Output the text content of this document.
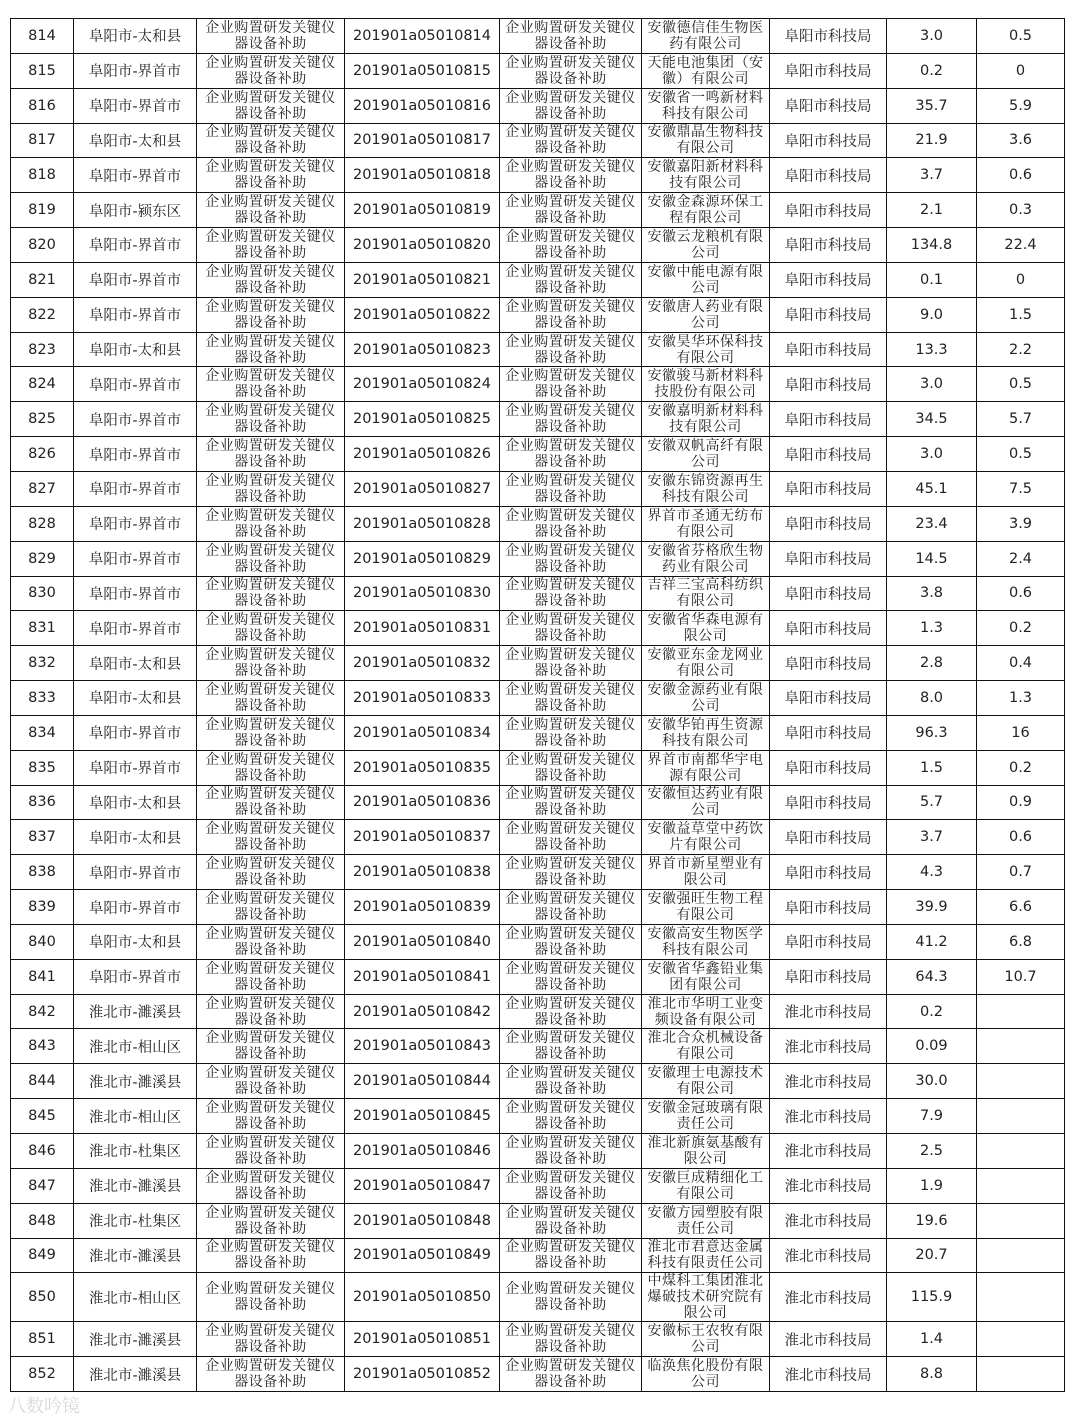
814	阜阳市-太和县	企业购置研发关键仪器设备补助	201901a05010814	企业购置研发关键仪器设备补助	安徽德信佳生物医药有限公司	阜阳市科技局	3.0	0.5
815	阜阳市-界首市	企业购置研发关键仪器设备补助	201901a05010815	企业购置研发关键仪器设备补助	天能电池集团（安徽）有限公司	阜阳市科技局	0.2	0
816	阜阳市-界首市	企业购置研发关键仪器设备补助	201901a05010816	企业购置研发关键仪器设备补助	安徽省一鸣新材料科技有限公司	阜阳市科技局	35.7	5.9
817	阜阳市-太和县	企业购置研发关键仪器设备补助	201901a05010817	企业购置研发关键仪器设备补助	安徽鼎晶生物科技有限公司	阜阳市科技局	21.9	3.6
818	阜阳市-界首市	企业购置研发关键仪器设备补助	201901a05010818	企业购置研发关键仪器设备补助	安徽嘉阳新材料科技有限公司	阜阳市科技局	3.7	0.6
819	阜阳市-颍东区	企业购置研发关键仪器设备补助	201901a05010819	企业购置研发关键仪器设备补助	安徽金森源环保工程有限公司	阜阳市科技局	2.1	0.3
820	阜阳市-界首市	企业购置研发关键仪器设备补助	201901a05010820	企业购置研发关键仪器设备补助	安徽云龙粮机有限公司	阜阳市科技局	134.8	22.4
821	阜阳市-界首市	企业购置研发关键仪器设备补助	201901a05010821	企业购置研发关键仪器设备补助	安徽中能电源有限公司	阜阳市科技局	0.1	0
822	阜阳市-界首市	企业购置研发关键仪器设备补助	201901a05010822	企业购置研发关键仪器设备补助	安徽唐人药业有限公司	阜阳市科技局	9.0	1.5
823	阜阳市-太和县	企业购置研发关键仪器设备补助	201901a05010823	企业购置研发关键仪器设备补助	安徽昊华环保科技有限公司	阜阳市科技局	13.3	2.2
824	阜阳市-界首市	企业购置研发关键仪器设备补助	201901a05010824	企业购置研发关键仪器设备补助	安徽骏马新材料科技股份有限公司	阜阳市科技局	3.0	0.5
825	阜阳市-界首市	企业购置研发关键仪器设备补助	201901a05010825	企业购置研发关键仪器设备补助	安徽嘉明新材料科技有限公司	阜阳市科技局	34.5	5.7
826	阜阳市-界首市	企业购置研发关键仪器设备补助	201901a05010826	企业购置研发关键仪器设备补助	安徽双帆高纤有限公司	阜阳市科技局	3.0	0.5
827	阜阳市-界首市	企业购置研发关键仪器设备补助	201901a05010827	企业购置研发关键仪器设备补助	安徽东锦资源再生科技有限公司	阜阳市科技局	45.1	7.5
828	阜阳市-界首市	企业购置研发关键仪器设备补助	201901a05010828	企业购置研发关键仪器设备补助	界首市圣通无纺布有限公司	阜阳市科技局	23.4	3.9
829	阜阳市-界首市	企业购置研发关键仪器设备补助	201901a05010829	企业购置研发关键仪器设备补助	安徽省芬格欣生物药业有限公司	阜阳市科技局	14.5	2.4
830	阜阳市-界首市	企业购置研发关键仪器设备补助	201901a05010830	企业购置研发关键仪器设备补助	吉祥三宝高科纺织有限公司	阜阳市科技局	3.8	0.6
831	阜阳市-界首市	企业购置研发关键仪器设备补助	201901a05010831	企业购置研发关键仪器设备补助	安徽省华森电源有限公司	阜阳市科技局	1.3	0.2
832	阜阳市-太和县	企业购置研发关键仪器设备补助	201901a05010832	企业购置研发关键仪器设备补助	安徽亚东金龙网业有限公司	阜阳市科技局	2.8	0.4
833	阜阳市-太和县	企业购置研发关键仪器设备补助	201901a05010833	企业购置研发关键仪器设备补助	安徽金源药业有限公司	阜阳市科技局	8.0	1.3
834	阜阳市-界首市	企业购置研发关键仪器设备补助	201901a05010834	企业购置研发关键仪器设备补助	安徽华铂再生资源科技有限公司	阜阳市科技局	96.3	16
835	阜阳市-界首市	企业购置研发关键仪器设备补助	201901a05010835	企业购置研发关键仪器设备补助	界首市南都华宇电源有限公司	阜阳市科技局	1.5	0.2
836	阜阳市-太和县	企业购置研发关键仪器设备补助	201901a05010836	企业购置研发关键仪器设备补助	安徽恒达药业有限公司	阜阳市科技局	5.7	0.9
837	阜阳市-太和县	企业购置研发关键仪器设备补助	201901a05010837	企业购置研发关键仪器设备补助	安徽益草堂中药饮片有限公司	阜阳市科技局	3.7	0.6
838	阜阳市-界首市	企业购置研发关键仪器设备补助	201901a05010838	企业购置研发关键仪器设备补助	界首市新星塑业有限公司	阜阳市科技局	4.3	0.7
839	阜阳市-界首市	企业购置研发关键仪器设备补助	201901a05010839	企业购置研发关键仪器设备补助	安徽强旺生物工程有限公司	阜阳市科技局	39.9	6.6
840	阜阳市-太和县	企业购置研发关键仪器设备补助	201901a05010840	企业购置研发关键仪器设备补助	安徽高安生物医学科技有限公司	阜阳市科技局	41.2	6.8
841	阜阳市-界首市	企业购置研发关键仪器设备补助	201901a05010841	企业购置研发关键仪器设备补助	安徽省华鑫铅业集团有限公司	阜阳市科技局	64.3	10.7
842	淮北市-濉溪县	企业购置研发关键仪器设备补助	201901a05010842	企业购置研发关键仪器设备补助	淮北市华明工业变频设备有限公司	淮北市科技局	0.2	
843	淮北市-相山区	企业购置研发关键仪器设备补助	201901a05010843	企业购置研发关键仪器设备补助	淮北合众机械设备有限公司	淮北市科技局	0.09	
844	淮北市-濉溪县	企业购置研发关键仪器设备补助	201901a05010844	企业购置研发关键仪器设备补助	安徽理士电源技术有限公司	淮北市科技局	30.0	
845	淮北市-相山区	企业购置研发关键仪器设备补助	201901a05010845	企业购置研发关键仪器设备补助	安徽金冠玻璃有限责任公司	淮北市科技局	7.9	
846	淮北市-杜集区	企业购置研发关键仪器设备补助	201901a05010846	企业购置研发关键仪器设备补助	淮北新旗氨基酸有限公司	淮北市科技局	2.5	
847	淮北市-濉溪县	企业购置研发关键仪器设备补助	201901a05010847	企业购置研发关键仪器设备补助	安徽巨成精细化工有限公司	淮北市科技局	1.9	
848	淮北市-杜集区	企业购置研发关键仪器设备补助	201901a05010848	企业购置研发关键仪器设备补助	安徽方园塑胶有限责任公司	淮北市科技局	19.6	
849	淮北市-濉溪县	企业购置研发关键仪器设备补助	201901a05010849	企业购置研发关键仪器设备补助	淮北市君意达金属科技有限责任公司	淮北市科技局	20.7	
850	淮北市-相山区	企业购置研发关键仪器设备补助	201901a05010850	企业购置研发关键仪器设备补助	中煤科工集团淮北爆破技术研究院有限公司	淮北市科技局	115.9	
851	淮北市-濉溪县	企业购置研发关键仪器设备补助	201901a05010851	企业购置研发关键仪器设备补助	安徽标王农牧有限公司	淮北市科技局	1.4	
852	淮北市-濉溪县	企业购置研发关键仪器设备补助	201901a05010852	企业购置研发关键仪器设备补助	临涣焦化股份有限公司	淮北市科技局	8.8	
八数吟镜
